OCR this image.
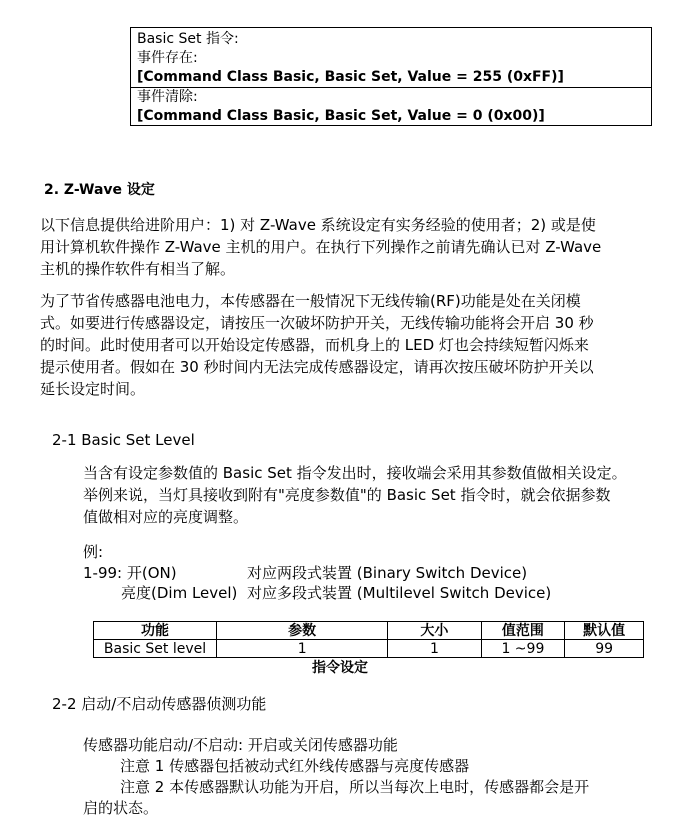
Basic Set 指令:
事件存在:
[Command Class Basic, Basic Set, Value = 255 (0xFF)]
事件清除:
[Command Class Basic, Basic Set, Value = 0 (0x00)]
2. Z-Wave 设定
以下信息提供给进阶用户：1) 对 Z-Wave 系统设定有实务经验的使用者；2) 或是使
用计算机软件操作 Z-Wave 主机的用户。在执行下列操作之前请先确认已对 Z-Wave
主机的操作软件有相当了解。
为了节省传感器电池电力，本传感器在一般情况下无线传输(RF)功能是处在关闭模
式。如要进行传感器设定，请按压一次破坏防护开关，无线传输功能将会开启 30 秒
的时间。此时使用者可以开始设定传感器，而机身上的 LED 灯也会持续短暂闪烁来
提示使用者。假如在 30 秒时间内无法完成传感器设定，请再次按压破坏防护开关以
延长设定时间。
2-1 Basic Set Level
当含有设定参数值的 Basic Set 指令发出时，接收端会采用其参数值做相关设定。
举例来说，当灯具接收到附有"亮度参数值"的 Basic Set 指令时，就会依据参数
值做相对应的亮度调整。
例:
1-99: 开(ON)	对应两段式装置 (Binary Switch Device)
亮度(Dim Level) 对应多段式装置 (Multilevel Switch Device)
功能	参数	大小	值范围	默认值
Basic Set level	1	1	1 ~99	99
指令设定
2-2 启动/不启动传感器侦测功能
传感器功能启动/不启动: 开启或关闭传感器功能
注意 1 传感器包括被动式红外线传感器与亮度传感器
注意 2 本传感器默认功能为开启，所以当每次上电时，传感器都会是开
启的状态。
